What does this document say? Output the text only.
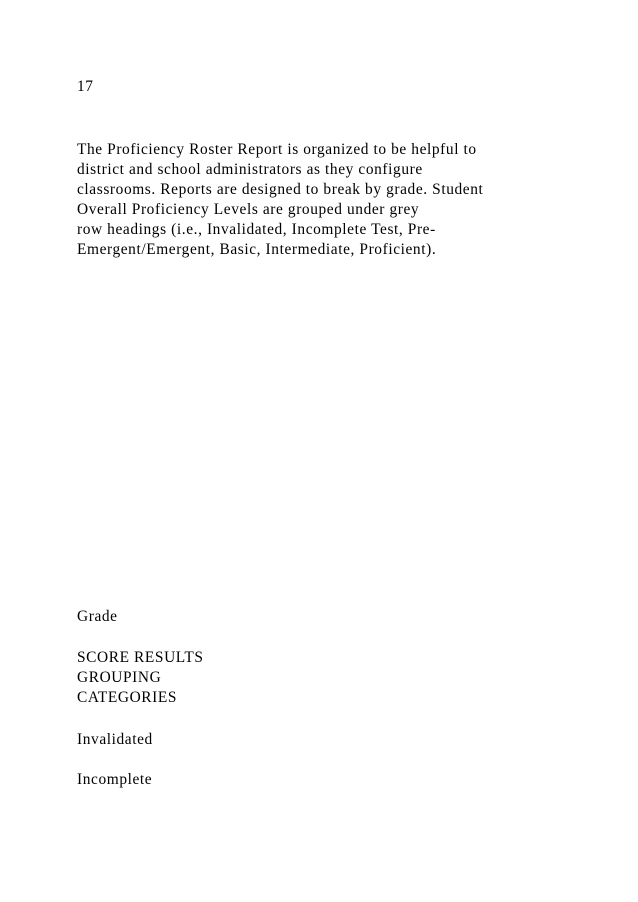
17
The Proficiency Roster Report is organized to be helpful to
district and school administrators as they configure
classrooms. Reports are designed to break by grade. Student
Overall Proficiency Levels are grouped under grey
row headings (i.e., Invalidated, Incomplete Test, Pre-
Emergent/Emergent, Basic, Intermediate, Proficient).
Grade
SCORE RESULTS
GROUPING
CATEGORIES
Invalidated
Incomplete
